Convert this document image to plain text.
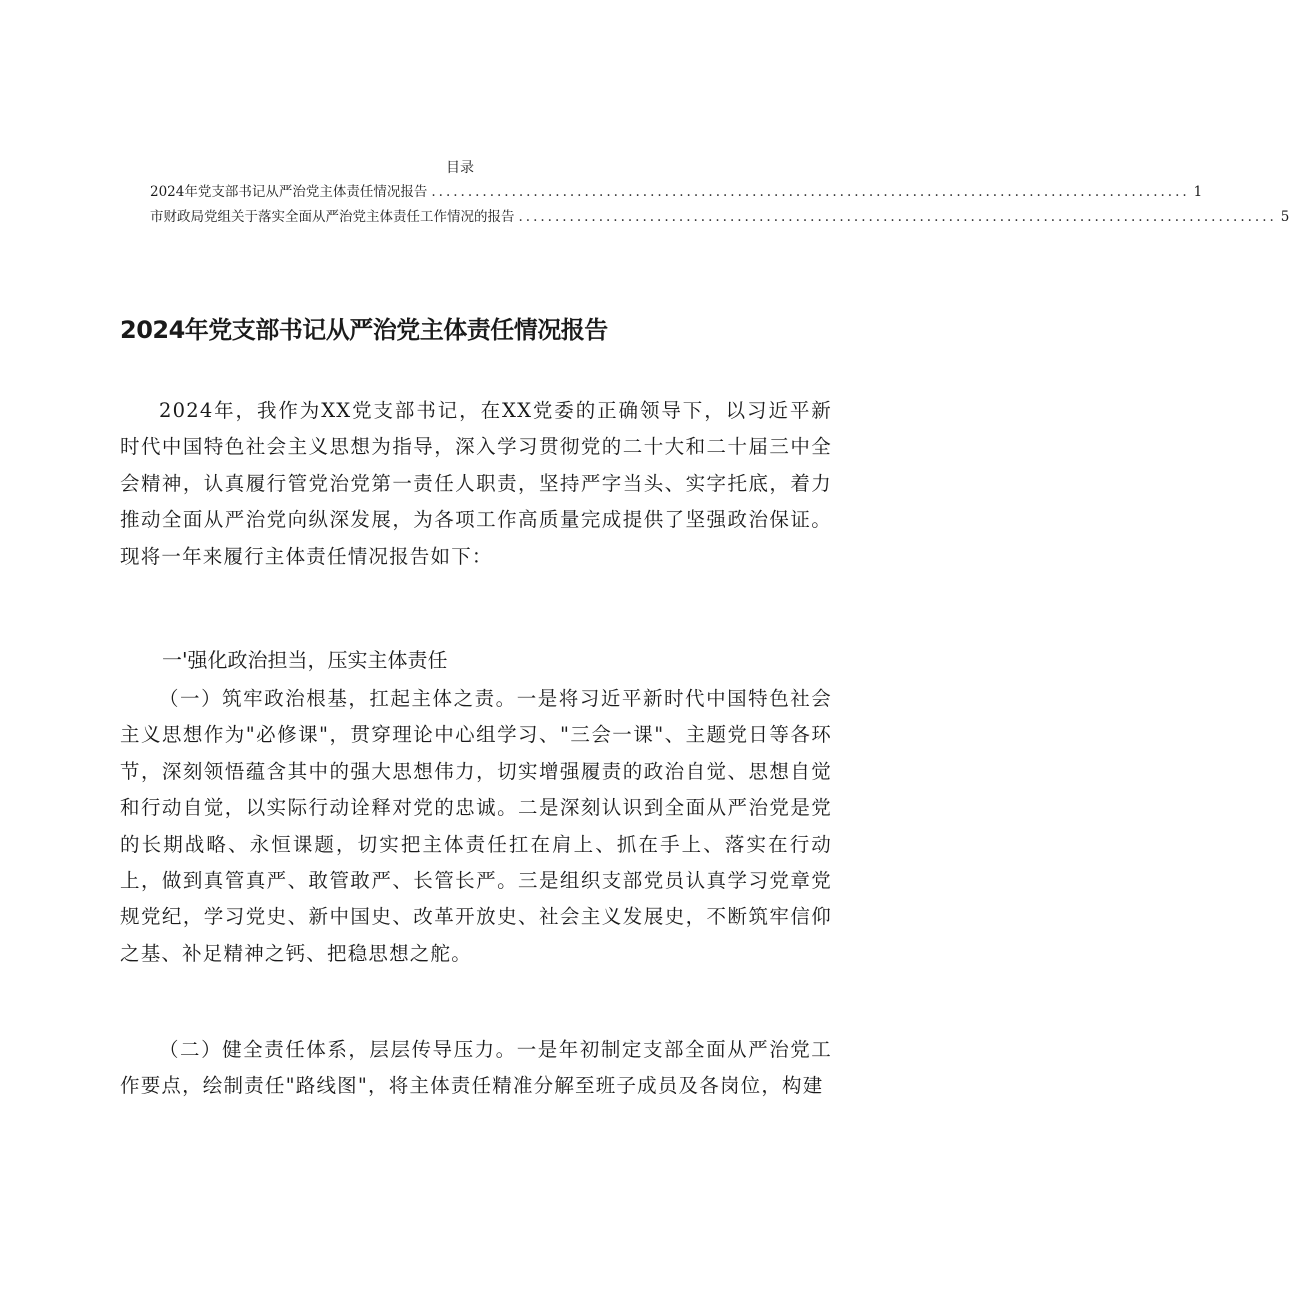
目录
2024年党支部书记从严治党主体责任情况报告 ........................................................................................................ 1
市财政局党组关于落实全面从严治党主体责任工作情况的报告 ........................................................................................................ 5
2024年党支部书记从严治党主体责任情况报告
2024年，我作为XX党支部书记，在XX党委的正确领导下，以习近平新时代中国特色社会主义思想为指导，深入学习贯彻党的二十大和二十届三中全会精神，认真履行管党治党第一责任人职责，坚持严字当头、实字托底，着力推动全面从严治党向纵深发展，为各项工作高质量完成提供了坚强政治保证。现将一年来履行主体责任情况报告如下：
一'强化政治担当，压实主体责任
（一）筑牢政治根基，扛起主体之责。一是将习近平新时代中国特色社会主义思想作为"必修课"，贯穿理论中心组学习、"三会一课"、主题党日等各环节，深刻领悟蕴含其中的强大思想伟力，切实增强履责的政治自觉、思想自觉和行动自觉，以实际行动诠释对党的忠诚。二是深刻认识到全面从严治党是党的长期战略、永恒课题，切实把主体责任扛在肩上、抓在手上、落实在行动上，做到真管真严、敢管敢严、长管长严。三是组织支部党员认真学习党章党规党纪，学习党史、新中国史、改革开放史、社会主义发展史，不断筑牢信仰之基、补足精神之钙、把稳思想之舵。
（二）健全责任体系，层层传导压力。一是年初制定支部全面从严治党工作要点，绘制责任"路线图"，将主体责任精准分解至班子成员及各岗位，构建
